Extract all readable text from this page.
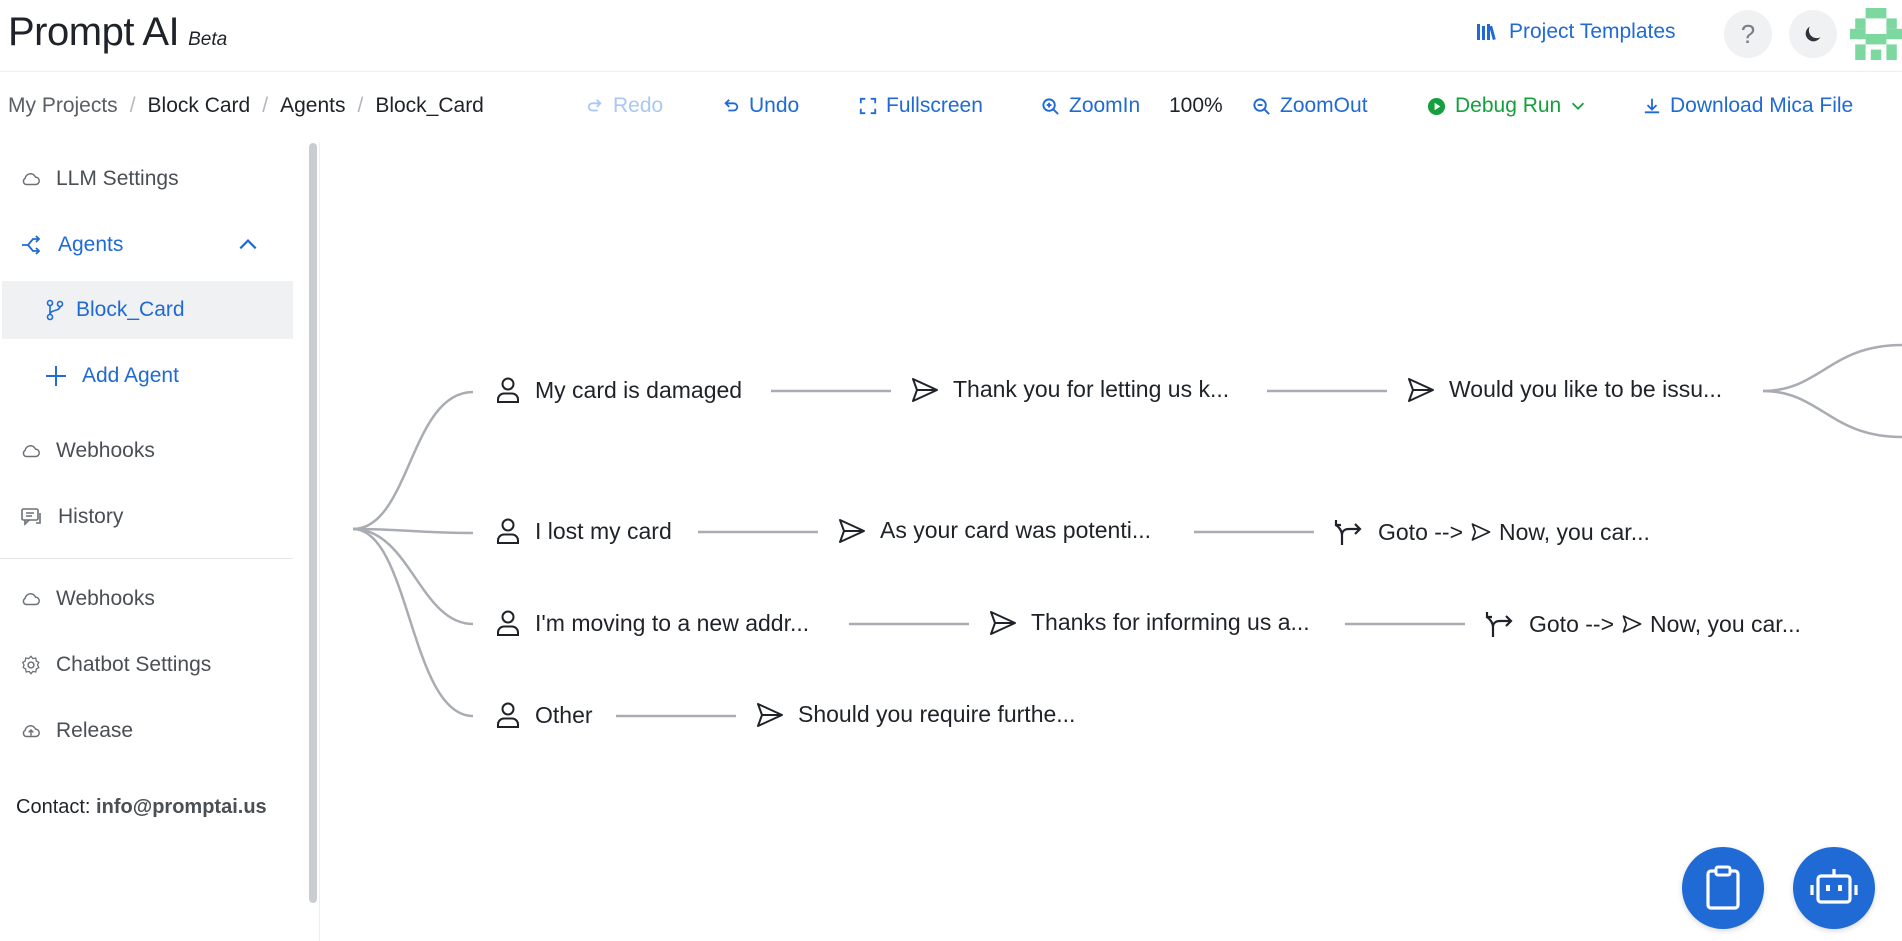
Prompt AI Beta	Project Templates	?
My Projects / Block Card / Agents / Block_Card	Redo	Undo	Fullscreen	ZoomIn 100%	ZoomOut	Debug Run	Download Mica File
LLM Settings
Agents
Block_Card
Add Agent
Webhooks
History
Webhooks
Chatbot Settings
Release
Contact: info@promptai.us
My card is damaged	Thank you for letting us k...	Would you like to be issu...
I lost my card	As your card was potenti...	Goto --> Now, you car...
I'm moving to a new addr...	Thanks for informing us a...	Goto --> Now, you car...
Other	Should you require furthe...
